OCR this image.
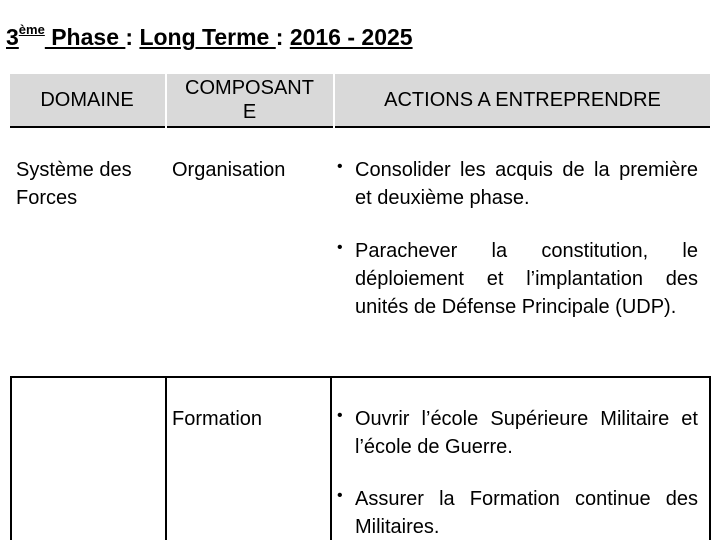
3ème Phase : Long Terme : 2016 - 2025
DOMAINE
COMPOSANT
E
ACTIONS A ENTREPRENDRE
Système des
Forces
Organisation	• Consolider les acquis de la première et deuxième phase.
• Parachever la constitution, le déploiement et l’implantation des unités de Défense Principale (UDP).
Formation	• Ouvrir l’école Supérieure Militaire et l’école de Guerre.
• Assurer la Formation continue des Militaires.
